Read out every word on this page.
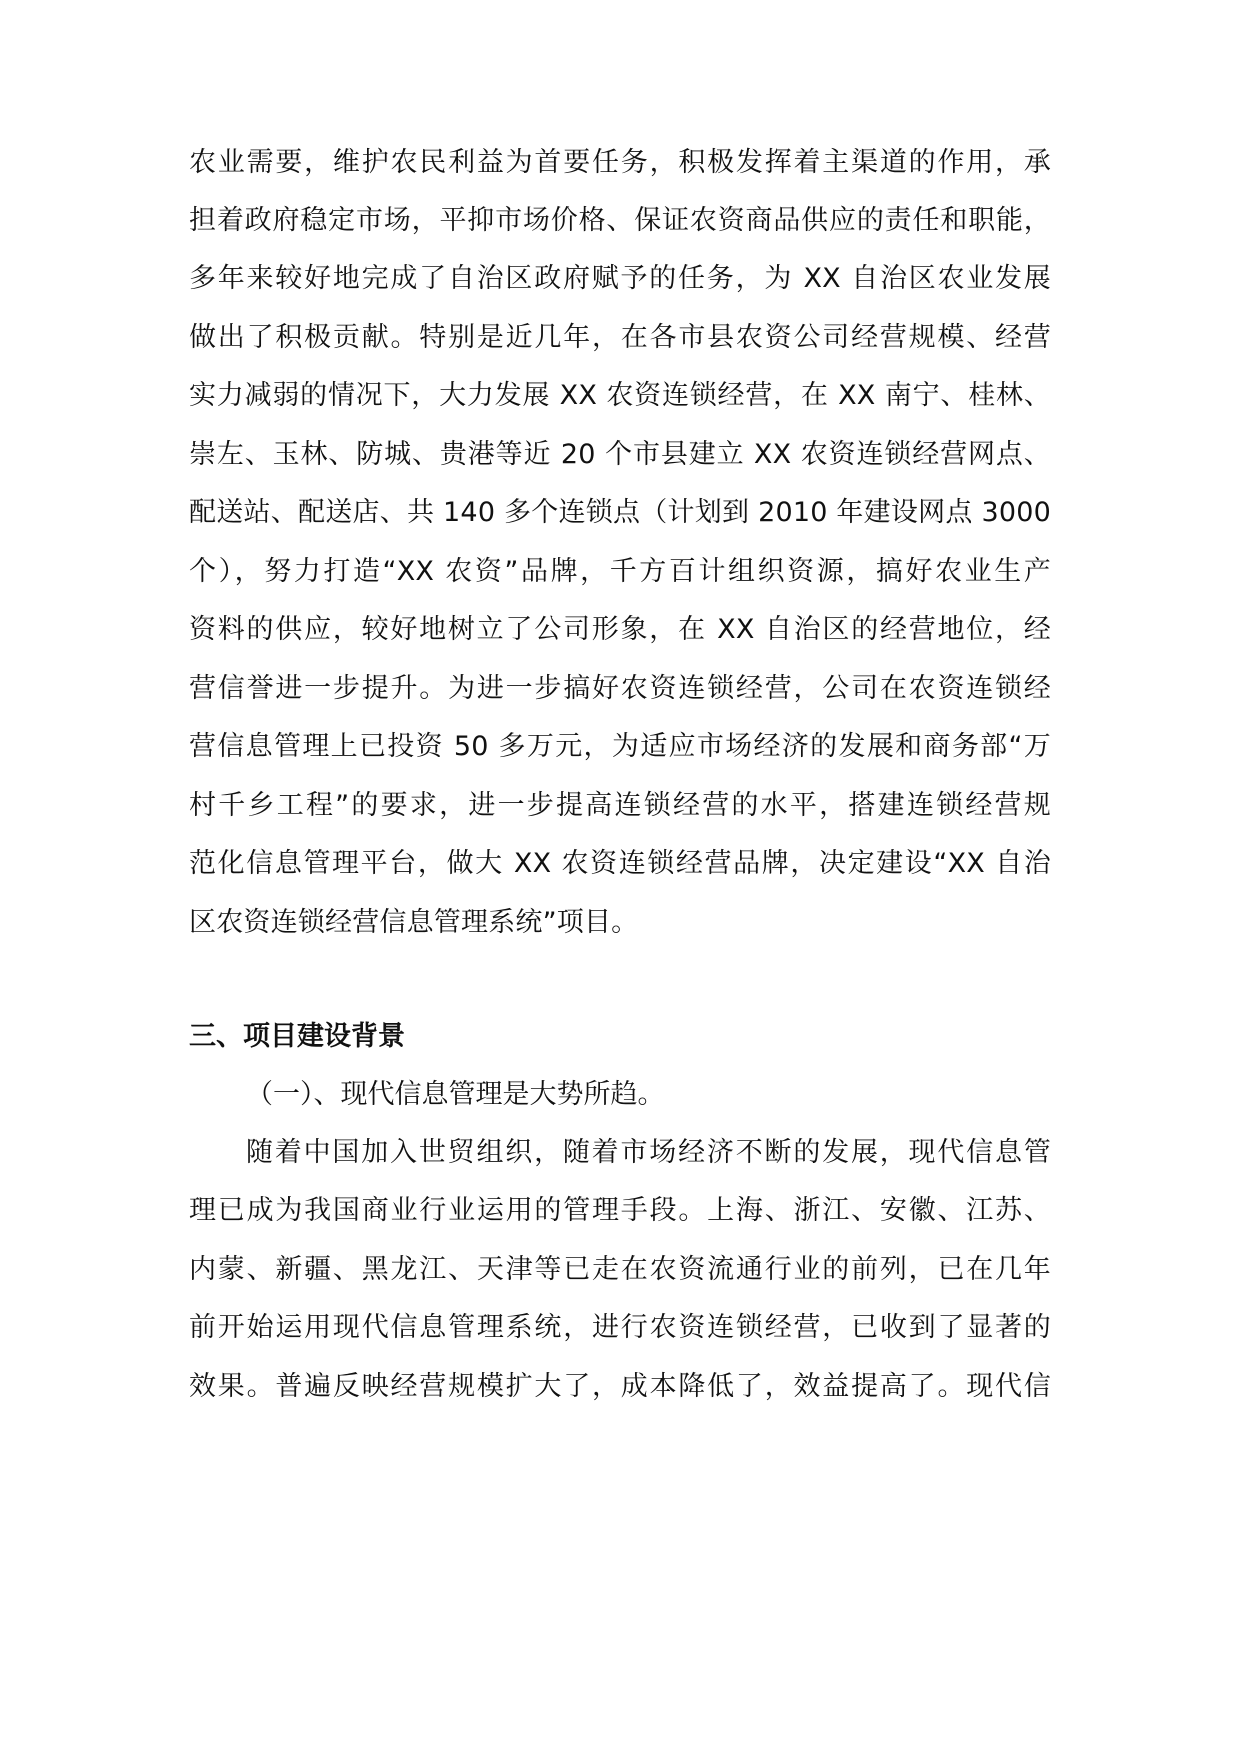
农业需要，维护农民利益为首要任务，积极发挥着主渠道的作用，承
担着政府稳定市场，平抑市场价格、保证农资商品供应的责任和职能，
多年来较好地完成了自治区政府赋予的任务，为 XX 自治区农业发展
做出了积极贡献。特别是近几年，在各市县农资公司经营规模、经营
实力减弱的情况下，大力发展 XX 农资连锁经营，在 XX 南宁、桂林、
崇左、玉林、防城、贵港等近 20 个市县建立 XX 农资连锁经营网点、
配送站、配送店、共 140 多个连锁点（计划到 2010 年建设网点 3000
个），努力打造“XX 农资”品牌，千方百计组织资源，搞好农业生产
资料的供应，较好地树立了公司形象，在 XX 自治区的经营地位，经
营信誉进一步提升。为进一步搞好农资连锁经营，公司在农资连锁经
营信息管理上已投资 50 多万元，为适应市场经济的发展和商务部“万
村千乡工程”的要求，进一步提高连锁经营的水平，搭建连锁经营规
范化信息管理平台，做大 XX 农资连锁经营品牌，决定建设“XX 自治
区农资连锁经营信息管理系统”项目。
三、项目建设背景
（一）、现代信息管理是大势所趋。
随着中国加入世贸组织，随着市场经济不断的发展，现代信息管
理已成为我国商业行业运用的管理手段。上海、浙江、安徽、江苏、
内蒙、新疆、黑龙江、天津等已走在农资流通行业的前列，已在几年
前开始运用现代信息管理系统，进行农资连锁经营，已收到了显著的
效果。普遍反映经营规模扩大了，成本降低了，效益提高了。现代信
